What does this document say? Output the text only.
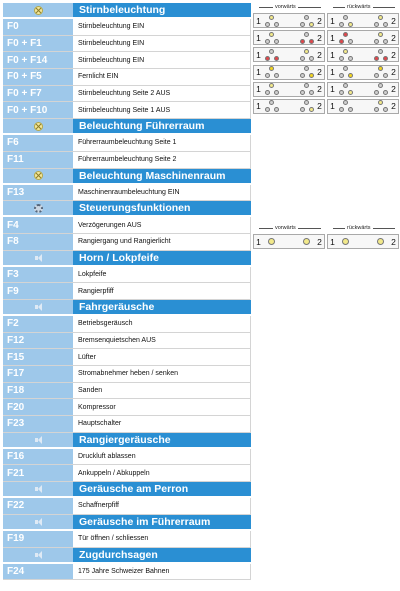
Stirnbeleuchtung
F0	Stirnbeleuchtung EIN
F0 + F1	Stirnbeleuchtung EIN
F0 + F14	Stirnbeleuchtung EIN
F0 + F5	Fernlicht EIN
F0 + F7	Stirnbeleuchtung Seite 2 AUS
F0 + F10	Stirnbeleuchtung Seite 1 AUS
Beleuchtung Führerraum
F6	Führerraumbeleuchtung Seite 1
F11	Führerraumbeleuchtung Seite 2
Beleuchtung Maschinenraum
F13	Maschinenraumbeleuchtung EIN
Steuerungsfunktionen
F4	Verzögerungen AUS
F8	Rangiergang und Rangierlicht
Horn / Lokpfeife
F3	Lokpfeife
F9	Rangierpfiff
Fahrgeräusche
F2	Betriebsgeräusch
F12	Bremsenquietschen AUS
F15	Lüfter
F17	Stromabnehmer heben / senken
F18	Sanden
F20	Kompressor
F23	Hauptschalter
Rangiergeräusche
F16	Druckluft ablassen
F21	Ankuppeln / Abkuppeln
Geräusche am Perron
F22	Schaffnerpfiff
Geräusche im Führerraum
F19	Tür öffnen / schliessen
Zugdurchsagen
F24	175 Jahre Schweizer Bahnen
vorwärts	rückwärts
1	2 1	2
1	2 1	2
1	2 1	2
1	2 1	2
1	2 1	2
1	2 1	2
vorwärts	rückwärts
1	2 1	2
